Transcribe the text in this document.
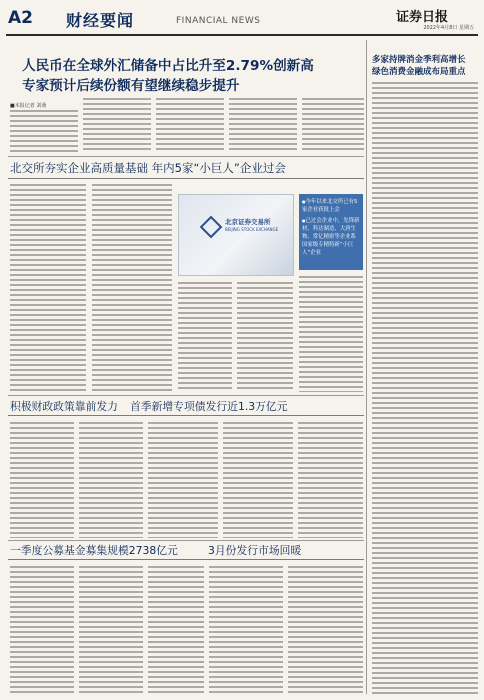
A2 财经要闻	FINANCIAL NEWS	证券日报
2022年4月8日 星期五
人民币在全球外汇储备中占比升至2.79%创新高
专家预计后续份额有望继续稳步提升
■本报记者 刘萌
多家持牌消金季利高增长
绿色消费金融成布局重点
北交所夯实企业高质量基础 年内5家“小巨人”企业过会
北京证券交易所
BEIJING STOCK EXCHANGE
● 今年以来北交所已有5家企业获批上会
● 已过会企业中，先锋新材、科达制造、大唐生物、常亿精密等企业系国家级专精特新“小巨人”企业
积极财政政策靠前发力 首季新增专项债发行近1.3万亿元
一季度公募基金募集规模2738亿元	3月份发行市场回暖
